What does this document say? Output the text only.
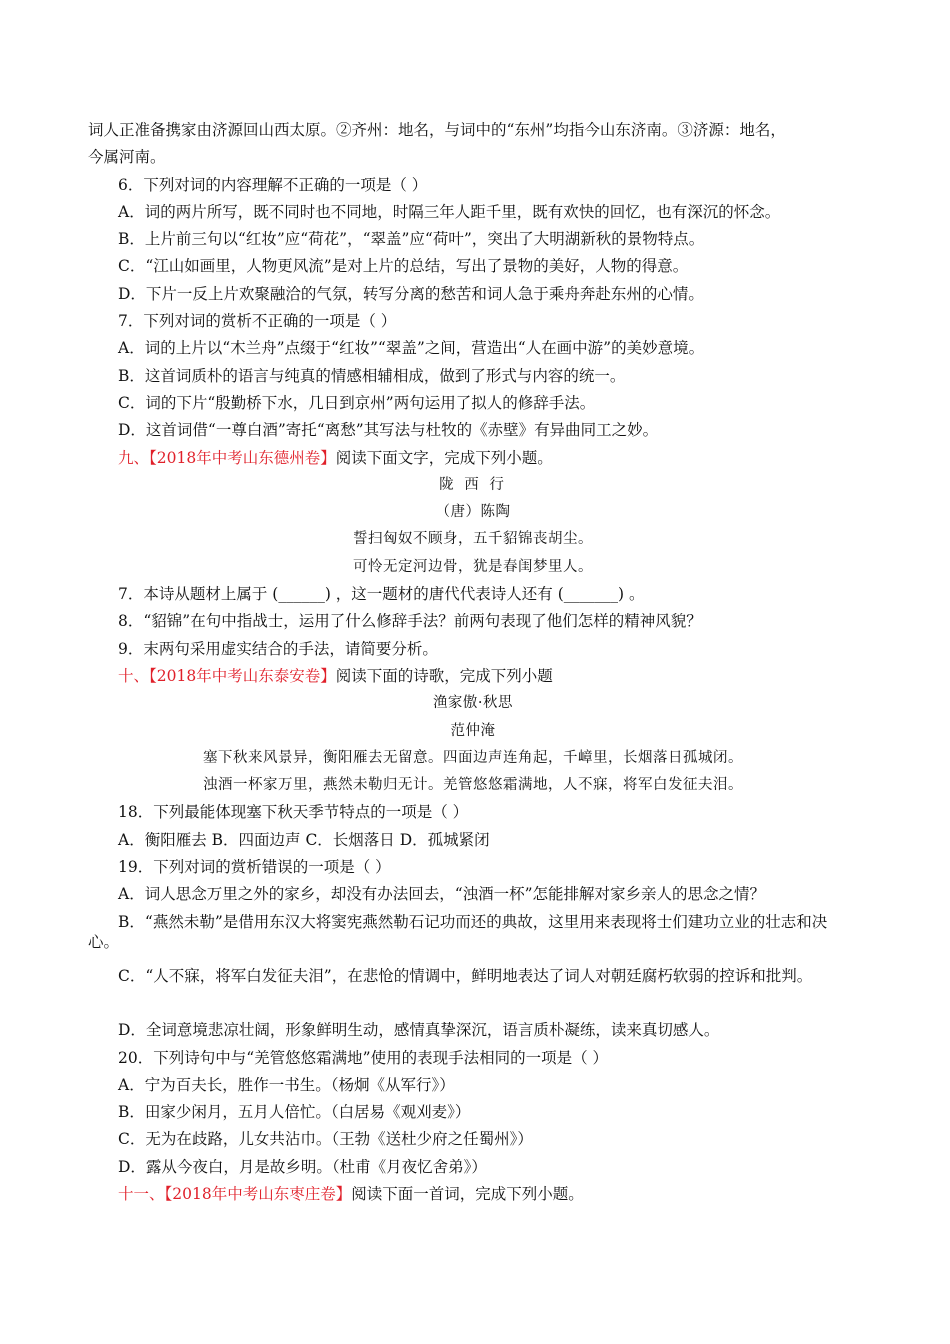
词人正准备携家由济源回山西太原。②齐州：地名，与词中的“东州”均指今山东济南。③济源：地名，
今属河南。
6．下列对词的内容理解不正确的一项是（ ）
A．词的两片所写，既不同时也不同地，时隔三年人距千里，既有欢快的回忆，也有深沉的怀念。
B．上片前三句以“红妆”应“荷花”，“翠盖”应“荷叶”，突出了大明湖新秋的景物特点。
C．“江山如画里，人物更风流”是对上片的总结，写出了景物的美好，人物的得意。
D．下片一反上片欢聚融洽的气氛，转写分离的愁苦和词人急于乘舟奔赴东州的心情。
7．下列对词的赏析不正确的一项是（ ）
A．词的上片以“木兰舟”点缀于“红妆”“翠盖”之间，营造出“人在画中游”的美妙意境。
B．这首词质朴的语言与纯真的情感相辅相成，做到了形式与内容的统一。
C．词的下片“殷勤桥下水，几日到京州”两句运用了拟人的修辞手法。
D．这首词借“一尊白酒”寄托“离愁”其写法与杜牧的《赤壁》有异曲同工之妙。
九、【2018年中考山东德州卷】阅读下面文字，完成下列小题。
陇 西 行
（唐）陈陶
誓扫匈奴不顾身，五千貂锦丧胡尘。
可怜无定河边骨，犹是春闺梦里人。
7．本诗从题材上属于 (______) ，这一题材的唐代代表诗人还有 (_______) 。
8．“貂锦”在句中指战士，运用了什么修辞手法？前两句表现了他们怎样的精神风貌？
9．末两句采用虚实结合的手法，请简要分析。
十、【2018年中考山东泰安卷】阅读下面的诗歌，完成下列小题
渔家傲·秋思
范仲淹
塞下秋来风景异，衡阳雁去无留意。四面边声连角起，千嶂里，长烟落日孤城闭。
浊酒一杯家万里，燕然未勒归无计。羌管悠悠霜满地，人不寐，将军白发征夫泪。
18．下列最能体现塞下秋天季节特点的一项是（ ）
A．衡阳雁去 B．四面边声 C．长烟落日 D．孤城紧闭
19．下列对词的赏析错误的一项是（ ）
A．词人思念万里之外的家乡，却没有办法回去，“浊酒一杯”怎能排解对家乡亲人的思念之情？
B．“燕然未勒”是借用东汉大将窦宪燕然勒石记功而还的典故，这里用来表现将士们建功立业的壮志和决心。
C．“人不寐，将军白发征夫泪”，在悲怆的情调中，鲜明地表达了词人对朝廷腐朽软弱的控诉和批判。
D．全词意境悲凉壮阔，形象鲜明生动，感情真挚深沉，语言质朴凝练，读来真切感人。
20．下列诗句中与“羌管悠悠霜满地”使用的表现手法相同的一项是（ ）
A．宁为百夫长，胜作一书生。（杨炯《从军行》）
B．田家少闲月，五月人倍忙。（白居易《观刈麦》）
C．无为在歧路，儿女共沾巾。（王勃《送杜少府之任蜀州》）
D．露从今夜白，月是故乡明。（杜甫《月夜忆舍弟》）
十一、【2018年中考山东枣庄卷】阅读下面一首词，完成下列小题。
